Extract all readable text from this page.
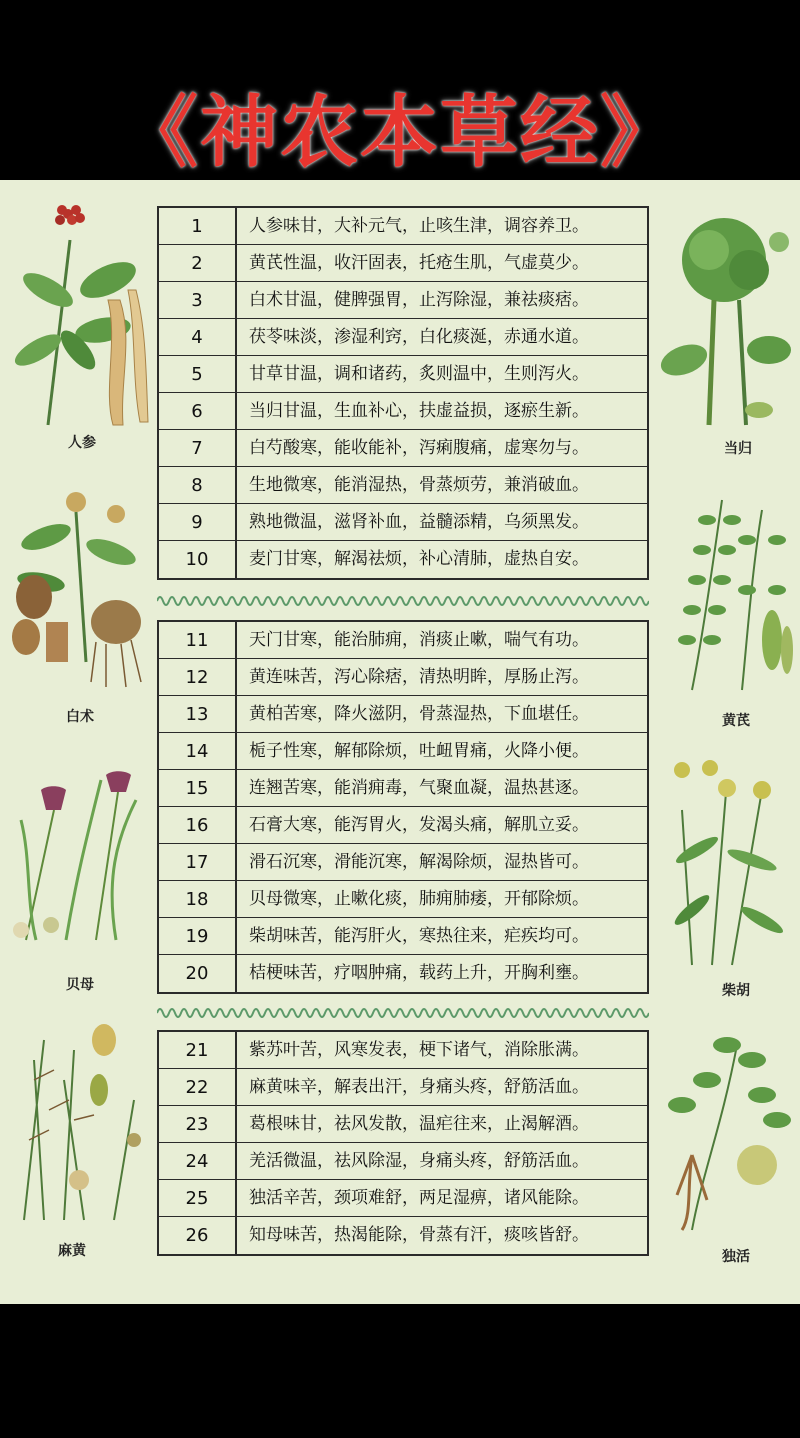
《神农本草经》
人参
白术
贝母
麻黄
当归
黄芪
柴胡
独活
1	人参味甘，大补元气，止咳生津，调容养卫。
2	黄芪性温，收汗固表，托疮生肌，气虚莫少。
3	白术甘温，健脾强胃，止泻除湿，兼祛痰痞。
4	茯苓味淡，渗湿利窍，白化痰涎，赤通水道。
5	甘草甘温，调和诸药，炙则温中，生则泻火。
6	当归甘温，生血补心，扶虚益损，逐瘀生新。
7	白芍酸寒，能收能补，泻痢腹痛，虚寒勿与。
8	生地微寒，能消湿热，骨蒸烦劳，兼消破血。
9	熟地微温，滋肾补血，益髓添精，乌须黑发。
10	麦门甘寒，解渴祛烦，补心清肺，虚热自安。
11	天门甘寒，能治肺痈，消痰止嗽，喘气有功。
12	黄连味苦，泻心除痞，清热明眸，厚肠止泻。
13	黄柏苦寒，降火滋阴，骨蒸湿热，下血堪任。
14	栀子性寒，解郁除烦，吐衄胃痛，火降小便。
15	连翘苦寒，能消痈毒，气聚血凝，温热甚逐。
16	石膏大寒，能泻胃火，发渴头痛，解肌立妥。
17	滑石沉寒，滑能沉寒，解渴除烦，湿热皆可。
18	贝母微寒，止嗽化痰，肺痈肺痿，开郁除烦。
19	柴胡味苦，能泻肝火，寒热往来，疟疾均可。
20	桔梗味苦，疗咽肿痛，载药上升，开胸利壅。
21	紫苏叶苦，风寒发表，梗下诸气，消除胀满。
22	麻黄味辛，解表出汗，身痛头疼，舒筋活血。
23	葛根味甘，祛风发散，温疟往来，止渴解酒。
24	羌活微温，祛风除湿，身痛头疼，舒筋活血。
25	独活辛苦，颈项难舒，两足湿痹，诸风能除。
26	知母味苦，热渴能除，骨蒸有汗，痰咳皆舒。
